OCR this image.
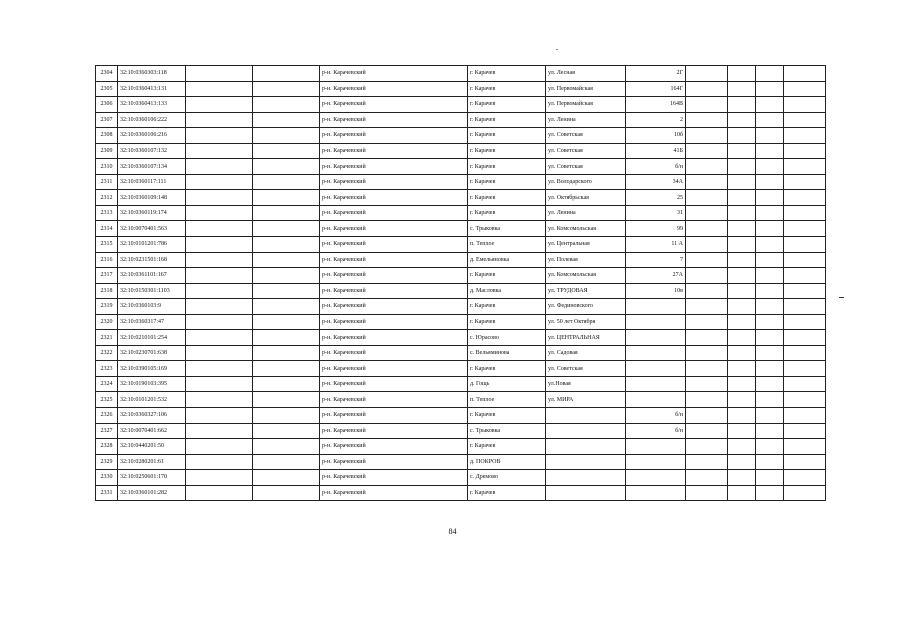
2304	32:10:0360303:118			р-н. Карачевский	г. Карачев	ул. Лесная	2Г				
2305	32:10:0360413:131			р-н. Карачевский	г. Карачев	ул. Первомайская	164Г				
2306	32:10:0360413:133			р-н. Карачевский	г. Карачев	ул. Первомайская	164В				
2307	32:10:0360106:222			р-н. Карачевский	г. Карачев	ул. Ленина	2				
2308	32:10:0360106:216			р-н. Карачевский	г. Карачев	ул. Советская	10б				
2309	32:10:0360107:132			р-н. Карачевский	г. Карачев	ул. Советская	41Б				
2310	32:10:0360107:134			р-н. Карачевский	г. Карачев	ул. Советская	б/н				
2311	32:10:0360117:111			р-н. Карачевский	г. Карачев	ул. Володарского	34А				
2312	32:10:0360109:148			р-н. Карачевский	г. Карачев	ул. Октябрьская	25				
2313	32:10:0360119:174			р-н. Карачевский	г. Карачев	ул. Ленина	31				
2314	32:10:0070401:563			р-н. Карачевский	с. Трыковка	ул. Комсомольская	99				
2315	32:10:0101201:786			р-н. Карачевский	п. Теплое	ул. Центральная	11 А				
2316	32:10:0231501:168			р-н. Карачевский	д. Емельяновка	ул. Полевая	7				
2317	32:10:0361101:167			р-н. Карачевский	г. Карачев	ул. Комсомольская	27А				
2318	32:10:0150301:1103			р-н. Карачевский	д. Масловка	ул. ТРУДОВАЯ	10в				
2319	32:10:0360103:9			р-н. Карачевский	г. Карачев	ул. Фединовского					
2320	32:10:0360317:47			р-н. Карачевский	г. Карачев	ул. 50 лет Октября					
2321	32:10:0210101:254			р-н. Карачевский	с. Юрасово	ул. ЦЕНТРАЛЬНАЯ					
2322	32:10:0230701:638			р-н. Карачевский	с. Вельяминова	ул. Садовая					
2323	32:10:0390105:169			р-н. Карачевский	г. Карачев	ул. Советская					
2324	32:10:0190103:395			р-н. Карачевский	д. Гощь	ул.Новая					
2325	32:10:0101201:532			р-н. Карачевский	п. Теплое	ул. МИРА					
2326	32:10:0360327:106			р-н. Карачевский	г. Карачев		б/н				
2327	32:10:0070401:662			р-н. Карачевский	с. Трыковка		б/н				
2328	32:10:0440201:50			р-н. Карачевский	г. Карачев						
2329	32:10:0280201:61			р-н. Карачевский	д. ПОКРОВ						
2330	32:10:0250601:170			р-н. Карачевский	с. Дремово						
2331	32:10:0360101:282			р-н. Карачевский	г. Карачев						
84
